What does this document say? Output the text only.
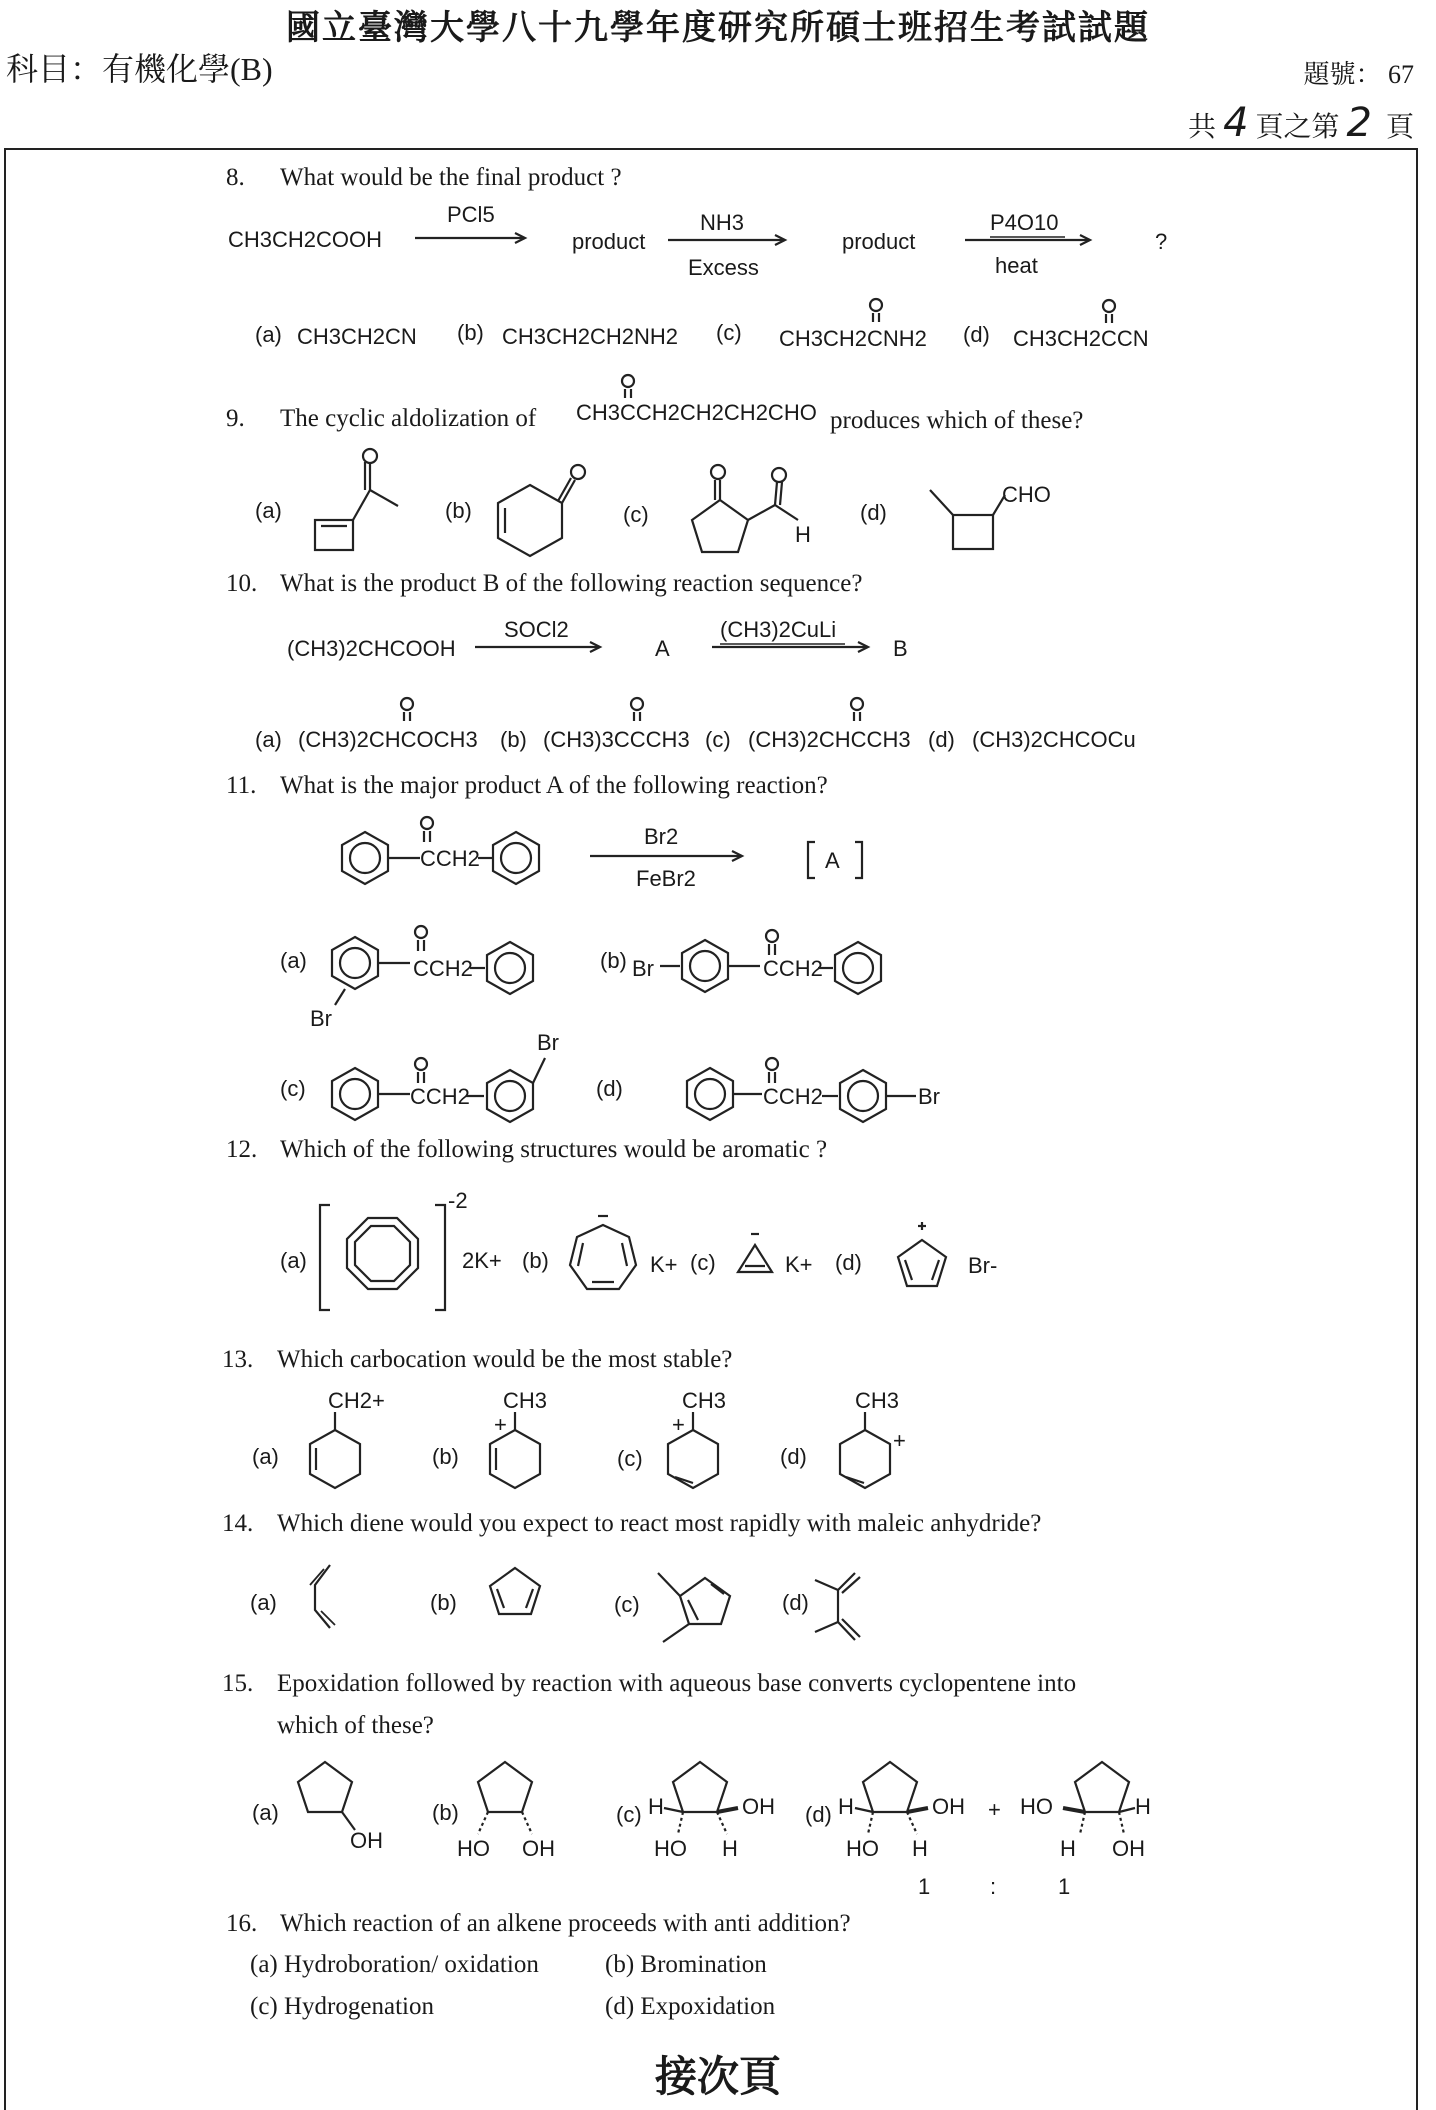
國立臺灣大學八十九學年度研究所碩士班招生考試試題
科目：有機化學(B)	題號： 67
共 4 頁之第 2 頁
8. What would be the final product ?
CH3CH2COOH
PCl5
product
NH3
Excess
product
P4O10
heat
?
(a) CH3CH2CN (b) CH3CH2CH2NH2 (c) CH3CH2CNH2 (d) CH3CH2CCN
9. The cyclic aldolization of CH3CCH2CH2CH2CHO produces which of these?
(a)	(b)	(c)	(d)
H
CHO
10. What is the product B of the following reaction sequence?
(CH3)2CHCOOH
SOCl2
A
(CH3)2CuLi
B
(a) (CH3)2CHCOCH3 (b) (CH3)3CCCH3 (c) (CH3)2CHCCH3 (d) (CH3)2CHCOCu
11. What is the major product A of the following reaction?
Br2
FeBr2
A
CCH2
(a)	CCH2
Br
(b) Br	CCH2
(c)	CCH2
Br
(d)	CCH2	Br
12. Which of the following structures would be aromatic ?
(a)
-2
2K+ (b)	K+ (c)	K+ (d)	Br-
13. Which carbocation would be the most stable?
(a)
CH2+
(b)
CH3
+
(c)
CH3
+
(d)
CH3
+
14. Which diene would you expect to react most rapidly with maleic anhydride?
(a)	(b)	(c)	(d)
15. Epoxidation followed by reaction with aqueous base converts cyclopentene into
which of these?
(a)
OH
(b)
HO OH
(c) H	OH
HO H
(d) H	OH
HO H
+ HO	H
H OH
1	:	1
16. Which reaction of an alkene proceeds with anti addition?
(a) Hydroboration/ oxidation	(b) Bromination
(c) Hydrogenation	(d) Expoxidation
接次頁
